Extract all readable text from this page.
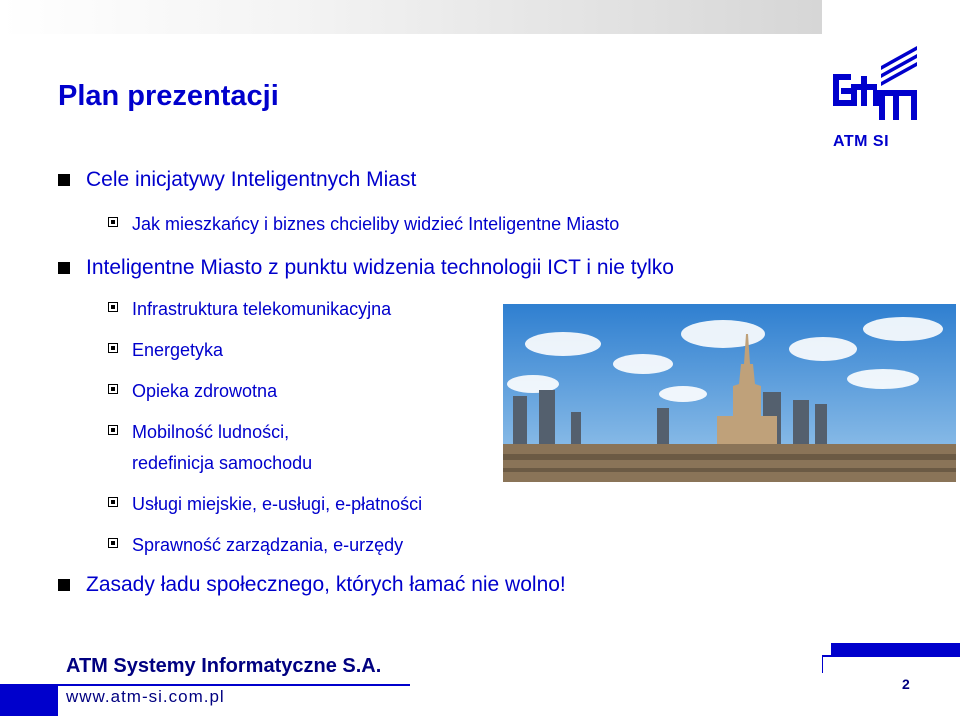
Plan prezentacji
ATM SI
Cele inicjatywy Inteligentnych Miast
Jak mieszkańcy i biznes chcieliby widzieć Inteligentne Miasto
Inteligentne Miasto z punktu widzenia technologii ICT i nie tylko
Infrastruktura telekomunikacyjna
Energetyka
Opieka zdrowotna
Mobilność ludności,
redefinicja samochodu
Usługi miejskie, e-usługi, e-płatności
Sprawność zarządzania, e-urzędy
Zasady ładu społecznego, których łamać nie wolno!
ATM Systemy Informatyczne S.A.
www.atm-si.com.pl
2
